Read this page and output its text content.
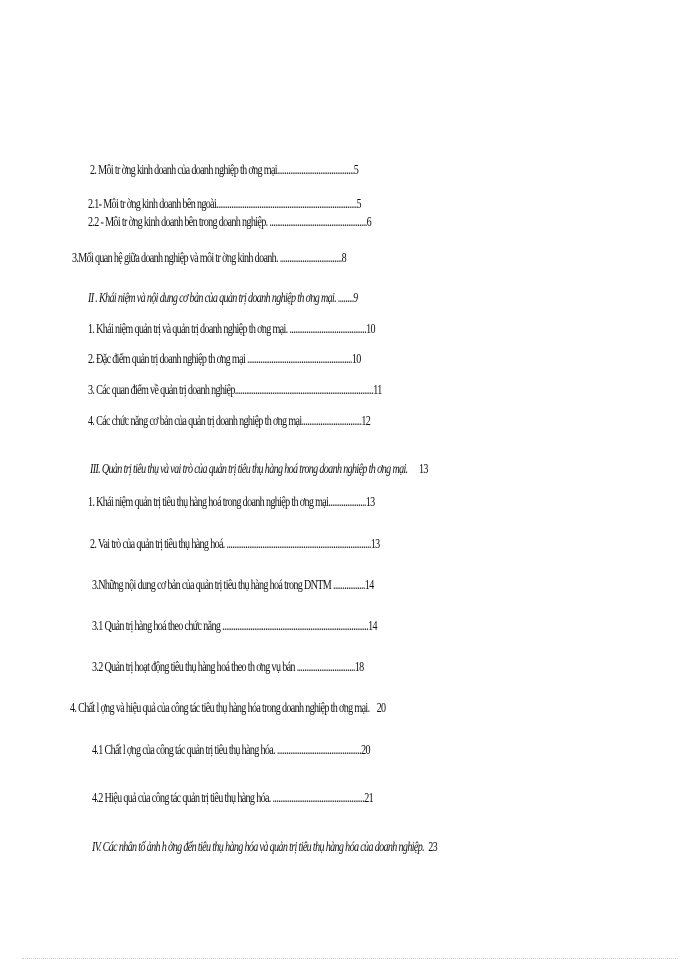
2. Môi tr ờng kinh doanh của doanh nghiệp th ơng mại.........................................5
2.1- Môi tr ờng kinh doanh bên ngoài...........................................................................5
2.2 - Môi tr ờng kinh doanh bên trong doanh nghiệp. ....................................................6
3.Mối quan hệ giữa doanh nghiệp và môi tr ờng kinh doanh. .................................8
II . Khái niệm và nội dung cơ bản của quản trị doanh nghiệp th ơng mại. ........9
1. Khái niệm quản trị và quản trị doanh nghiệp th ơng mại. .........................................10
2. Đặc điểm quản trị doanh nghiệp th ơng mại ........................................................10
3. Các quan điểm về quản trị doanh nghiệp..........................................................................11
4. Các chức năng cơ bản của quản trị doanh nghiệp th ơng mại................................12
III. Quản trị tiêu thụ và vai trò của quản trị tiêu thụ hàng hoá trong doanh nghiệp th ơng mại. 13
1. Khái niệm quản trị tiêu thụ hàng hoá trong doanh nghiệp th ơng mại....................13
2. Vai trò của quản trị tiêu thụ hàng hoá. .............................................................................13
3.Những nội dung cơ bản của quản trị tiêu thụ hàng hoá trong DNTM .................14
3.1 Quản trị hàng hoá theo chức năng ..............................................................................14
3.2 Quản trị hoạt động tiêu thụ hàng hoá theo th ơng vụ bán ...............................18
4. Chất l ợng và hiệu quả của công tác tiêu thụ hàng hóa trong doanh nghiệp th ơng mại. 20
4.1 Chất l ợng của công tác quản trị tiêu thụ hàng hóa. .............................................20
4.2 Hiệu quả của công tác quản trị tiêu thụ hàng hóa. .................................................21
IV. Các nhân tố ảnh h ởng đến tiêu thụ hàng hóa và quản trị tiêu thụ hàng hóa của doanh nghiệp. 23
